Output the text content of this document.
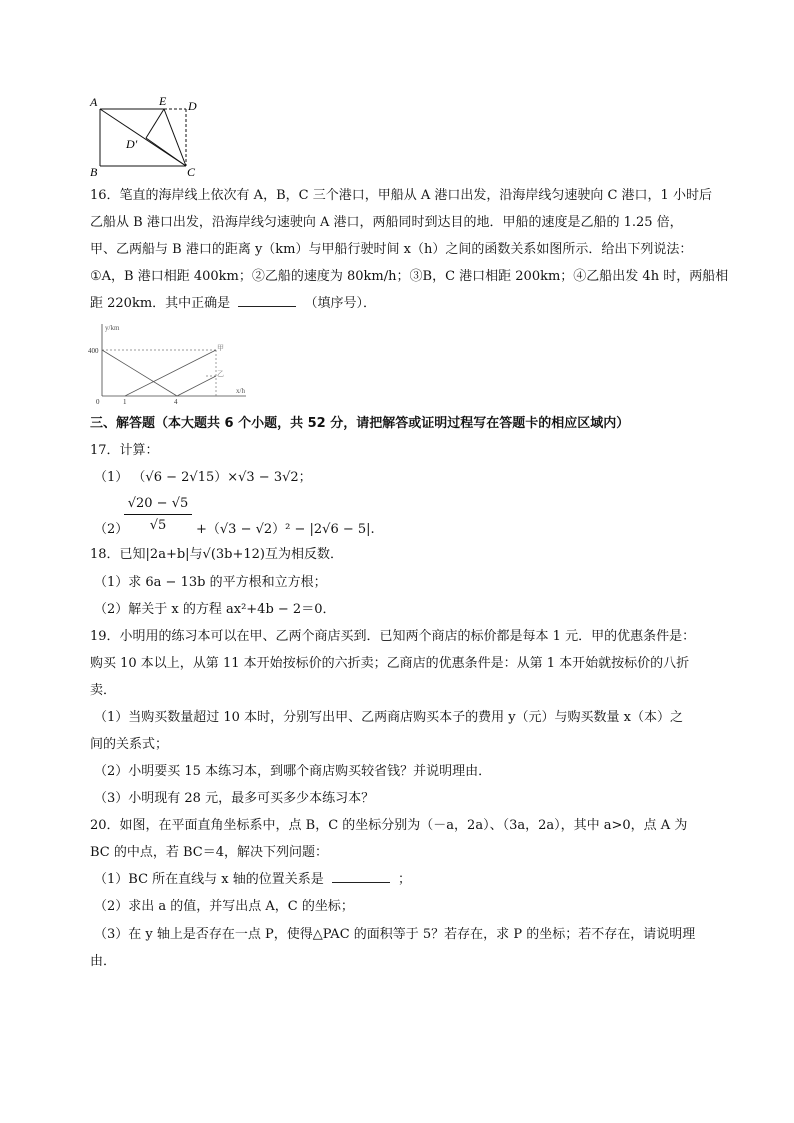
A	E D
D′
B	C
16．笔直的海岸线上依次有 A，B，C 三个港口，甲船从 A 港口出发，沿海岸线匀速驶向 C 港口，1 小时后
乙船从 B 港口出发，沿海岸线匀速驶向 A 港口，两船同时到达目的地．甲船的速度是乙船的 1.25 倍，
甲、乙两船与 B 港口的距离 y（km）与甲船行驶时间 x（h）之间的函数关系如图所示．给出下列说法：
①A，B 港口相距 400km；②乙船的速度为 80km/h；③B，C 港口相距 200km；④乙船出发 4h 时，两船相
距 220km．其中正确是	（填序号）．
y/km
x/h
400
0	1	4
甲
乙
三、解答题（本大题共 6 个小题，共 52 分，请把解答或证明过程写在答题卡的相应区域内）
17．计算：
（1） （√6 − 2√15）×√3 − 3√2；
（2）
$\frac{√20 - √5}{√5} +(√3 - √2)^2 - |2√6 - 5|$.
18．已知|2a+b|与√(3b+12)互为相反数．
（1）求 6a − 13b 的平方根和立方根；
（2）解关于 x 的方程 ax²+4b − 2＝0．
19．小明用的练习本可以在甲、乙两个商店买到．已知两个商店的标价都是每本 1 元．甲的优惠条件是：
购买 10 本以上，从第 11 本开始按标价的六折卖；乙商店的优惠条件是：从第 1 本开始就按标价的八折
卖．
（1）当购买数量超过 10 本时，分别写出甲、乙两商店购买本子的费用 y（元）与购买数量 x（本）之
间的关系式；
（2）小明要买 15 本练习本，到哪个商店购买较省钱？并说明理由．
（3）小明现有 28 元，最多可买多少本练习本？
20．如图，在平面直角坐标系中，点 B，C 的坐标分别为（－a，2a）、（3a，2a），其中 a>0，点 A 为
BC 的中点，若 BC＝4，解决下列问题：
（1）BC 所在直线与 x 轴的位置关系是	；
（2）求出 a 的值，并写出点 A，C 的坐标；
（3）在 y 轴上是否存在一点 P，使得△PAC 的面积等于 5？若存在，求 P 的坐标；若不存在，请说明理
由．
